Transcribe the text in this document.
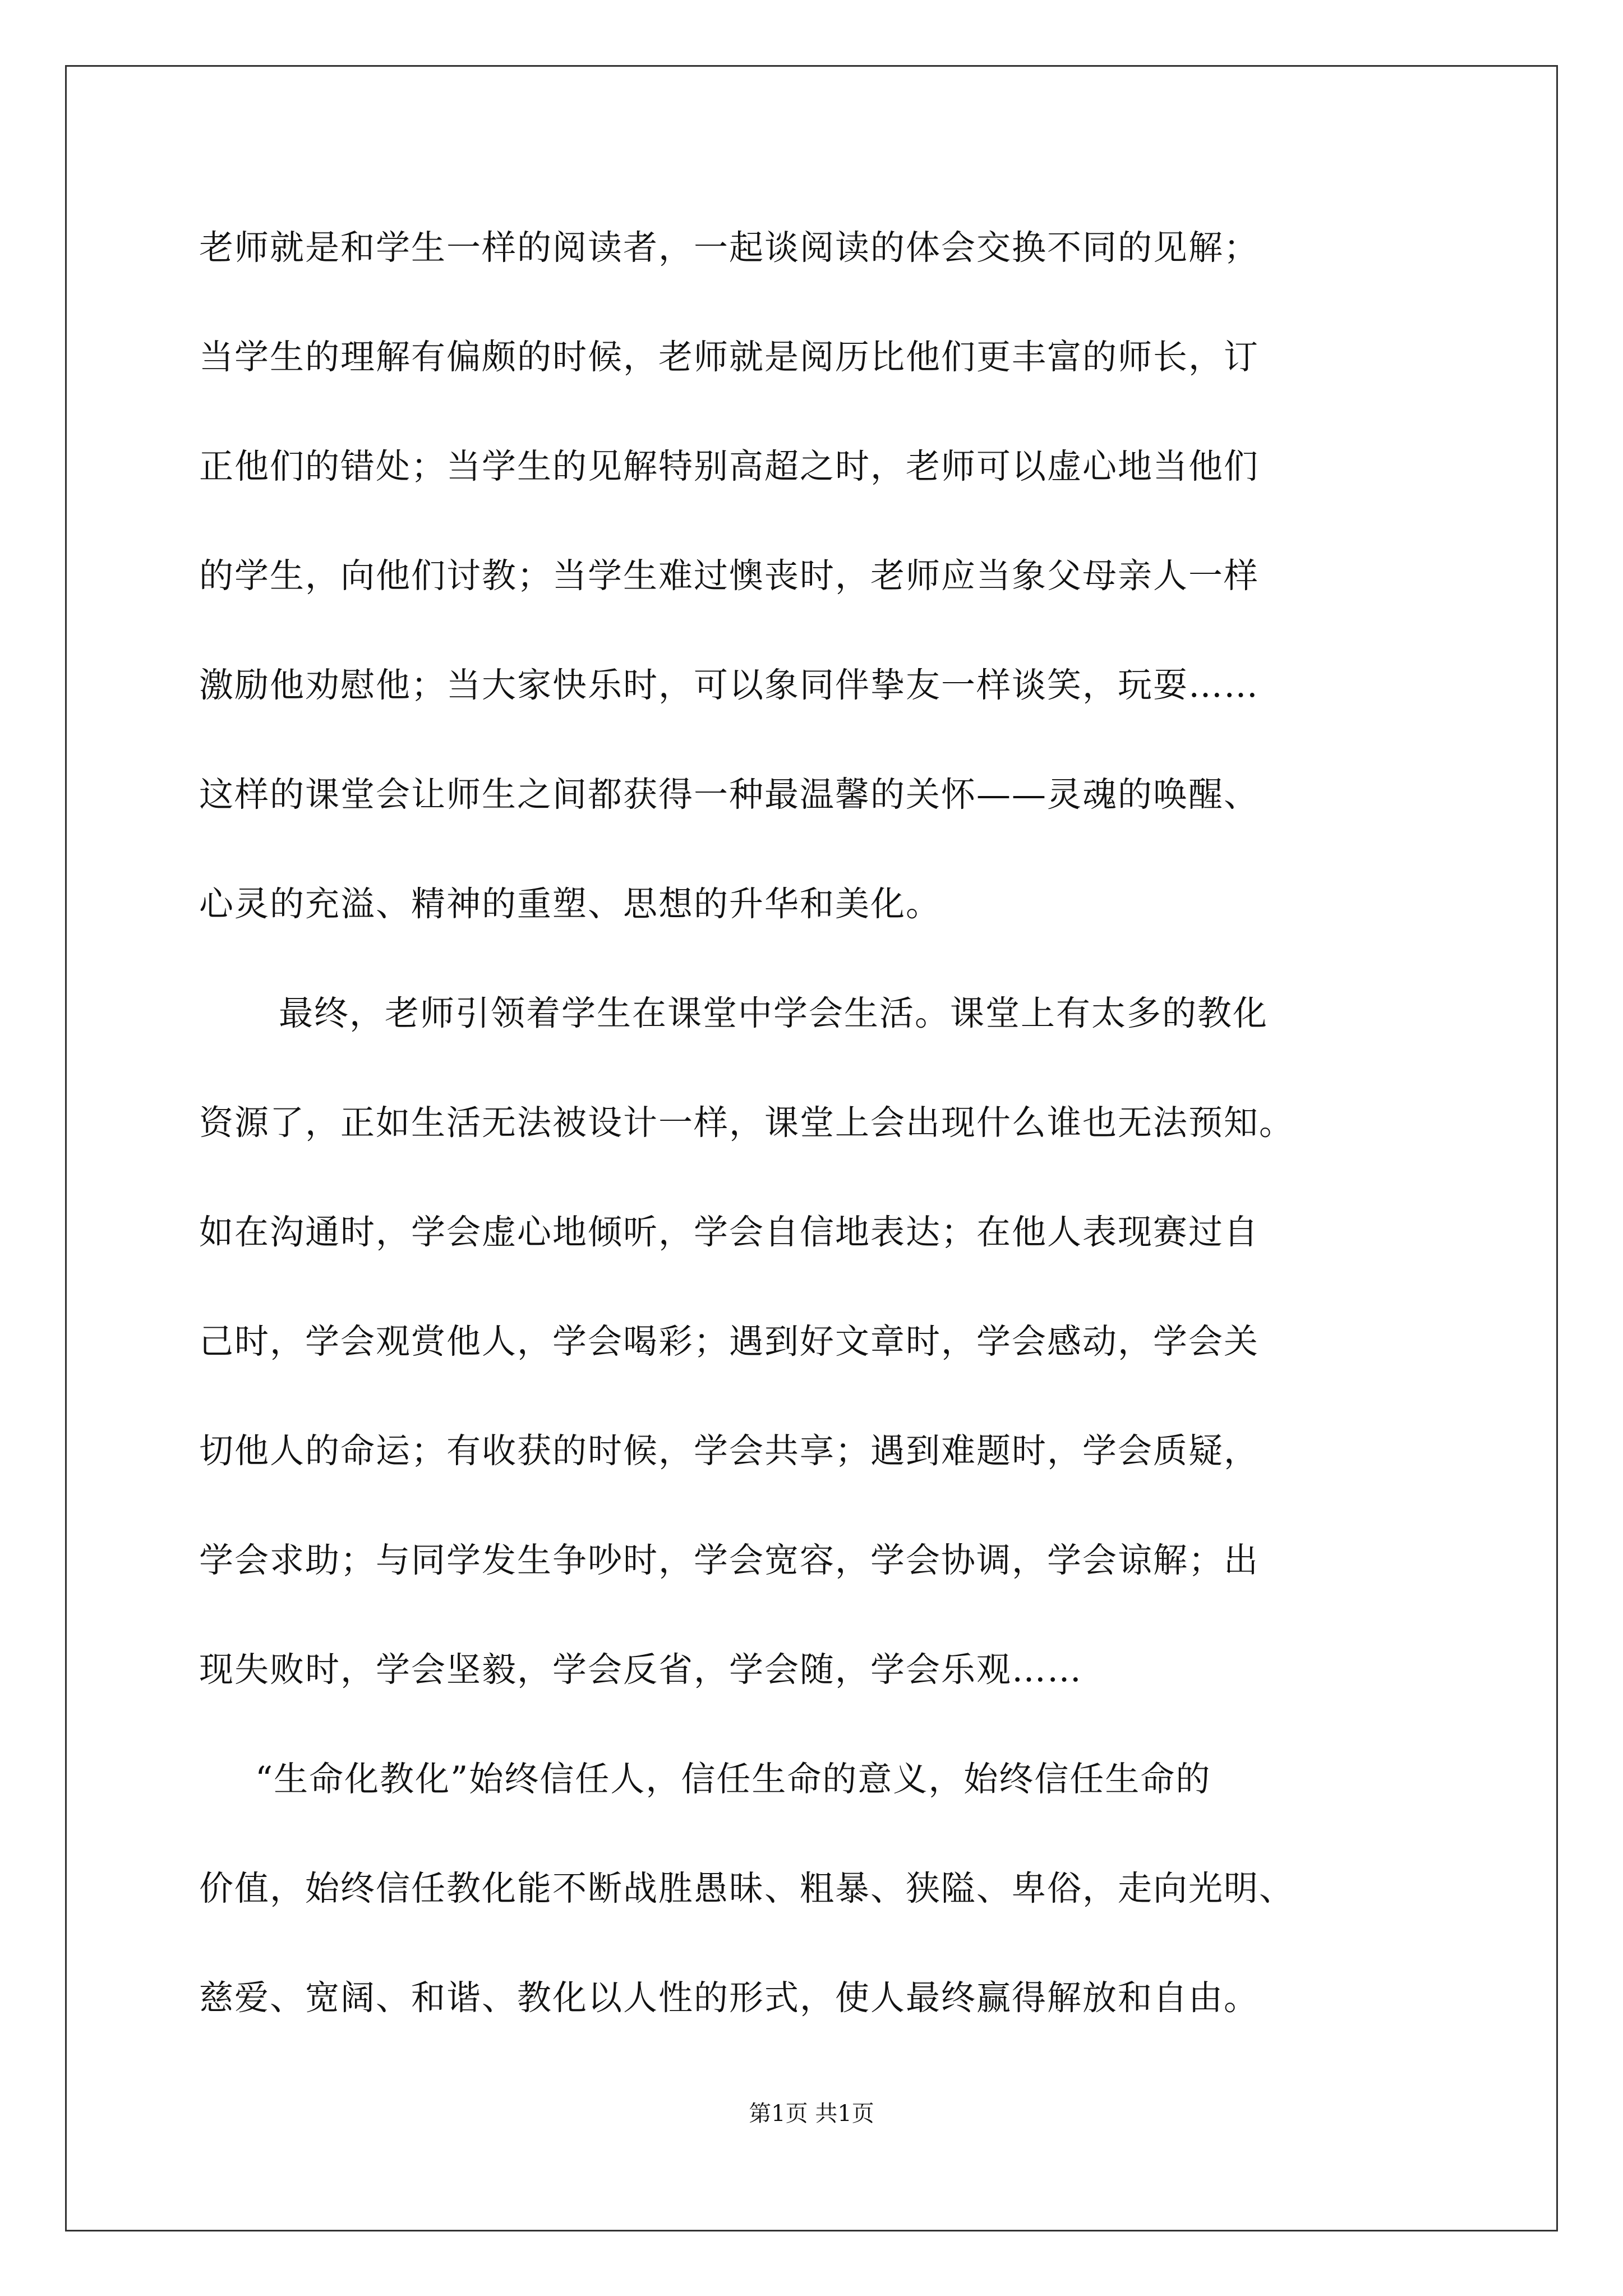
老师就是和学生一样的阅读者，一起谈阅读的体会交换不同的见解；
当学生的理解有偏颇的时候，老师就是阅历比他们更丰富的师长，订
正他们的错处；当学生的见解特别高超之时，老师可以虚心地当他们
的学生，向他们讨教；当学生难过懊丧时，老师应当象父母亲人一样
激励他劝慰他；当大家快乐时，可以象同伴挚友一样谈笑，玩耍……
这样的课堂会让师生之间都获得一种最温馨的关怀——灵魂的唤醒、
心灵的充溢、精神的重塑、思想的升华和美化。
最终，老师引领着学生在课堂中学会生活。课堂上有太多的教化
资源了，正如生活无法被设计一样，课堂上会出现什么谁也无法预知。
如在沟通时，学会虚心地倾听，学会自信地表达；在他人表现赛过自
己时，学会观赏他人，学会喝彩；遇到好文章时，学会感动，学会关
切他人的命运；有收获的时候，学会共享；遇到难题时，学会质疑，
学会求助；与同学发生争吵时，学会宽容，学会协调，学会谅解；出
现失败时，学会坚毅，学会反省，学会随，学会乐观……
“生命化教化”始终信任人，信任生命的意义，始终信任生命的
价值，始终信任教化能不断战胜愚昧、粗暴、狭隘、卑俗，走向光明、
慈爱、宽阔、和谐、教化以人性的形式，使人最终赢得解放和自由。
第1页 共1页
